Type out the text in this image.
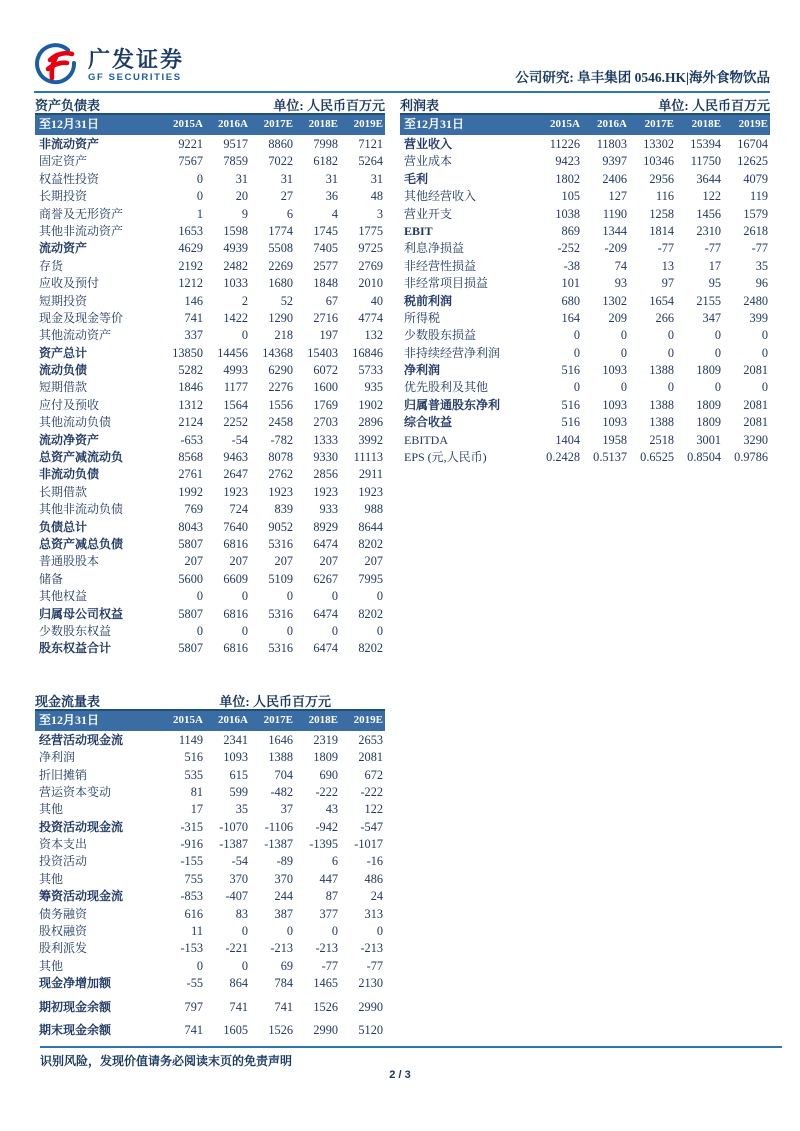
广发证券
GF SECURITIES	公司研究: 阜丰集团 0546.HK|海外食物饮品
资产负债表	单位: 人民币百万元
至12月31日	2015A	2016A	2017E	2018E	2019E
非流动资产	9221	9517	8860	7998	7121
固定资产	7567	7859	7022	6182	5264
权益性投资	0	31	31	31	31
长期投资	0	20	27	36	48
商誉及无形资产	1	9	6	4	3
其他非流动资产	1653	1598	1774	1745	1775
流动资产	4629	4939	5508	7405	9725
存货	2192	2482	2269	2577	2769
应收及预付	1212	1033	1680	1848	2010
短期投资	146	2	52	67	40
现金及现金等价	741	1422	1290	2716	4774
其他流动资产	337	0	218	197	132
资产总计	13850	14456	14368	15403	16846
流动负债	5282	4993	6290	6072	5733
短期借款	1846	1177	2276	1600	935
应付及预收	1312	1564	1556	1769	1902
其他流动负债	2124	2252	2458	2703	2896
流动净资产	-653	-54	-782	1333	3992
总资产减流动负	8568	9463	8078	9330	11113
非流动负债	2761	2647	2762	2856	2911
长期借款	1992	1923	1923	1923	1923
其他非流动负债	769	724	839	933	988
负债总计	8043	7640	9052	8929	8644
总资产减总负债	5807	6816	5316	6474	8202
普通股股本	207	207	207	207	207
储备	5600	6609	5109	6267	7995
其他权益	0	0	0	0	0
归属母公司权益	5807	6816	5316	6474	8202
少数股东权益	0	0	0	0	0
股东权益合计	5807	6816	5316	6474	8202
现金流量表	单位: 人民币百万元
至12月31日	2015A	2016A	2017E	2018E	2019E
经营活动现金流	1149	2341	1646	2319	2653
净利润	516	1093	1388	1809	2081
折旧摊销	535	615	704	690	672
营运资本变动	81	599	-482	-222	-222
其他	17	35	37	43	122
投资活动现金流	-315	-1070	-1106	-942	-547
资本支出	-916	-1387	-1387	-1395	-1017
投资活动	-155	-54	-89	6	-16
其他	755	370	370	447	486
筹资活动现金流	-853	-407	244	87	24
债务融资	616	83	387	377	313
股权融资	11	0	0	0	0
股利派发	-153	-221	-213	-213	-213
其他	0	0	69	-77	-77
现金净增加额	-55	864	784	1465	2130
期初现金余额	797	741	741	1526	2990
期末现金余额	741	1605	1526	2990	5120
利润表	单位: 人民币百万元
至12月31日	2015A	2016A	2017E	2018E	2019E
营业收入	11226	11803	13302	15394	16704
营业成本	9423	9397	10346	11750	12625
毛利	1802	2406	2956	3644	4079
其他经营收入	105	127	116	122	119
营业开支	1038	1190	1258	1456	1579
EBIT	869	1344	1814	2310	2618
利息净损益	-252	-209	-77	-77	-77
非经营性损益	-38	74	13	17	35
非经常项目损益	101	93	97	95	96
税前利润	680	1302	1654	2155	2480
所得税	164	209	266	347	399
少数股东损益	0	0	0	0	0
非持续经营净利润	0	0	0	0	0
净利润	516	1093	1388	1809	2081
优先股利及其他	0	0	0	0	0
归属普通股东净利	516	1093	1388	1809	2081
综合收益	516	1093	1388	1809	2081
EBITDA	1404	1958	2518	3001	3290
EPS (元,人民币)	0.2428	0.5137	0.6525	0.8504	0.9786
识别风险，发现价值请务必阅读末页的免责声明
2 / 3
